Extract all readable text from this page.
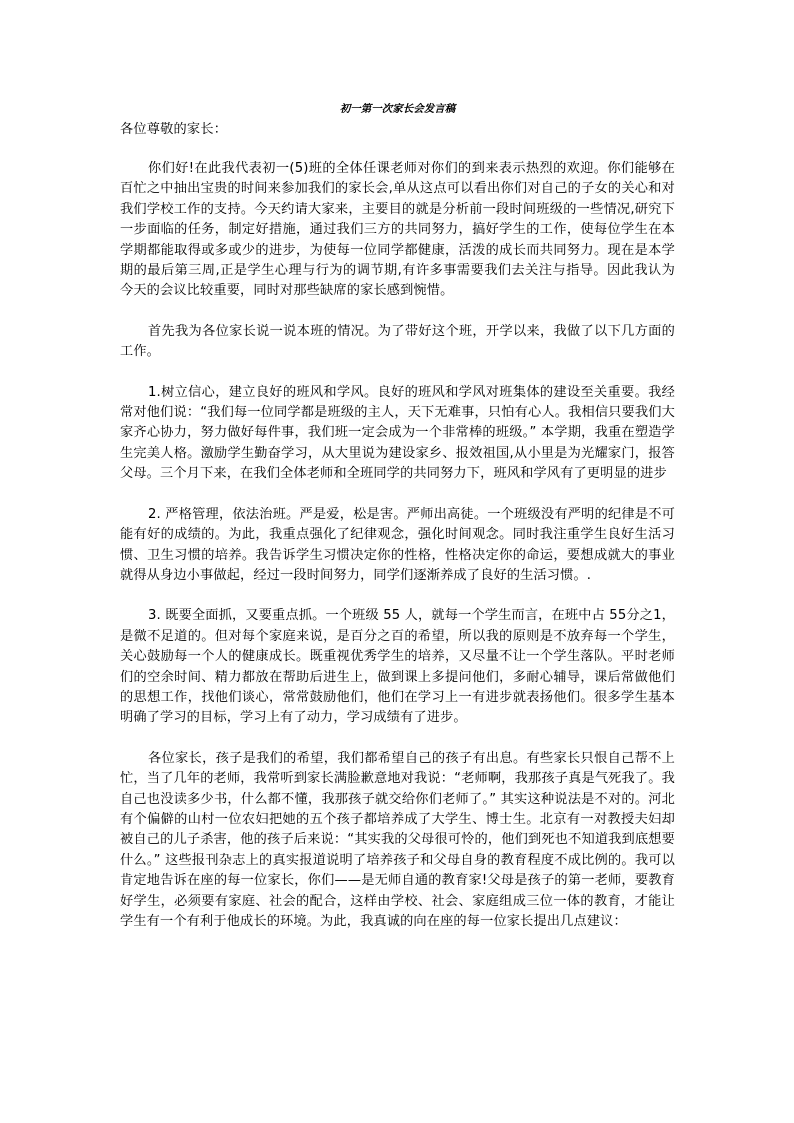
初一第一次家长会发言稿
各位尊敬的家长：

你们好!在此我代表初一(5)班的全体任课老师对你们的到来表示热烈的欢迎。你们能够在百忙之中抽出宝贵的时间来参加我们的家长会,单从这点可以看出你们对自己的子女的关心和对我们学校工作的支持。今天约请大家来，主要目的就是分析前一段时间班级的一些情况,研究下一步面临的任务，制定好措施，通过我们三方的共同努力，搞好学生的工作，使每位学生在本学期都能取得或多或少的进步，为使每一位同学都健康，活泼的成长而共同努力。现在是本学期的最后第三周,正是学生心理与行为的调节期,有许多事需要我们去关注与指导。因此我认为今天的会议比较重要，同时对那些缺席的家长感到惋惜。

首先我为各位家长说一说本班的情况。为了带好这个班，开学以来，我做了以下几方面的工作。

1.树立信心，建立良好的班风和学风。良好的班风和学风对班集体的建设至关重要。我经常对他们说：“我们每一位同学都是班级的主人，天下无难事，只怕有心人。我相信只要我们大家齐心协力，努力做好每件事，我们班一定会成为一个非常棒的班级。” 本学期，我重在塑造学生完美人格。激励学生勤奋学习，从大里说为建设家乡、报效祖国,从小里是为光耀家门，报答父母。三个月下来，在我们全体老师和全班同学的共同努力下，班风和学风有了更明显的进步

2. 严格管理，依法治班。严是爱，松是害。严师出高徒。一个班级没有严明的纪律是不可能有好的成绩的。为此，我重点强化了纪律观念，强化时间观念。同时我注重学生良好生活习惯、卫生习惯的培养。我告诉学生习惯决定你的性格，性格决定你的命运，要想成就大的事业就得从身边小事做起，经过一段时间努力，同学们逐渐养成了良好的生活习惯。.

3. 既要全面抓，又要重点抓。一个班级 55 人，就每一个学生而言，在班中占 55分之1，是微不足道的。但对每个家庭来说，是百分之百的希望，所以我的原则是不放弃每一个学生，关心鼓励每一个人的健康成长。既重视优秀学生的培养，又尽量不让一个学生落队。平时老师们的空余时间、精力都放在帮助后进生上，做到课上多提问他们，多耐心辅导，课后常做他们的思想工作，找他们谈心，常常鼓励他们，他们在学习上一有进步就表扬他们。很多学生基本明确了学习的目标，学习上有了动力，学习成绩有了进步。

各位家长，孩子是我们的希望，我们都希望自己的孩子有出息。有些家长只恨自己帮不上忙，当了几年的老师，我常听到家长满脸歉意地对我说：“老师啊，我那孩子真是气死我了。我自己也没读多少书，什么都不懂，我那孩子就交给你们老师了。” 其实这种说法是不对的。河北有个偏僻的山村一位农妇把她的五个孩子都培养成了大学生、博士生。北京有一对教授夫妇却被自己的儿子杀害，他的孩子后来说：“其实我的父母很可怜的，他们到死也不知道我到底想要什么。” 这些报刊杂志上的真实报道说明了培养孩子和父母自身的教育程度不成比例的。我可以肯定地告诉在座的每一位家长，你们——是无师自通的教育家!父母是孩子的第一老师，要教育好学生，必须要有家庭、社会的配合，这样由学校、社会、家庭组成三位一体的教育，才能让学生有一个有利于他成长的环境。为此，我真诚的向在座的每一位家长提出几点建议：
